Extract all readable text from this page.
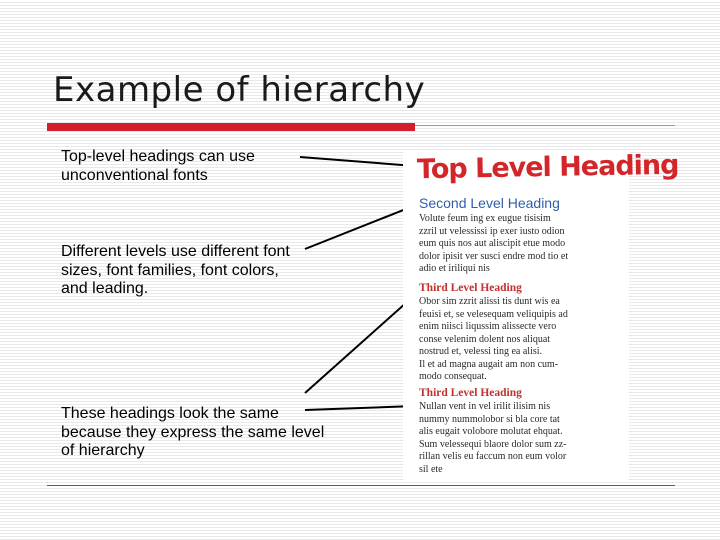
Example of hierarchy
Top-level headings can use unconventional fonts
Different levels use different font sizes, font families, font colors, and leading.
These headings look the same because they express the same level of hierarchy
Top Level Heading
Second Level Heading
Volute feum ing ex eugue tisisim
zzril ut velessissi ip exer iusto odion
eum quis nos aut aliscipit etue modo
dolor ipisit ver susci endre mod tio et
adio et iriliqui nis
Third Level Heading
Obor sim zzrit alissi tis dunt wis ea
feuisi et, se velesequam veliquipis ad
enim niisci liqussim alissecte vero
conse velenim dolent nos aliquat
nostrud et, velessi ting ea alisi.
Il et ad magna augait am non cum-
modo consequat.
Third Level Heading
Nullan vent in vel irilit ilisim nis
nummy nummolobor si bla core tat
alis eugait volobore molutat ehquat.
Sum velessequi blaore dolor sum zz-
rillan velis eu faccum non eum volor
sil ete
